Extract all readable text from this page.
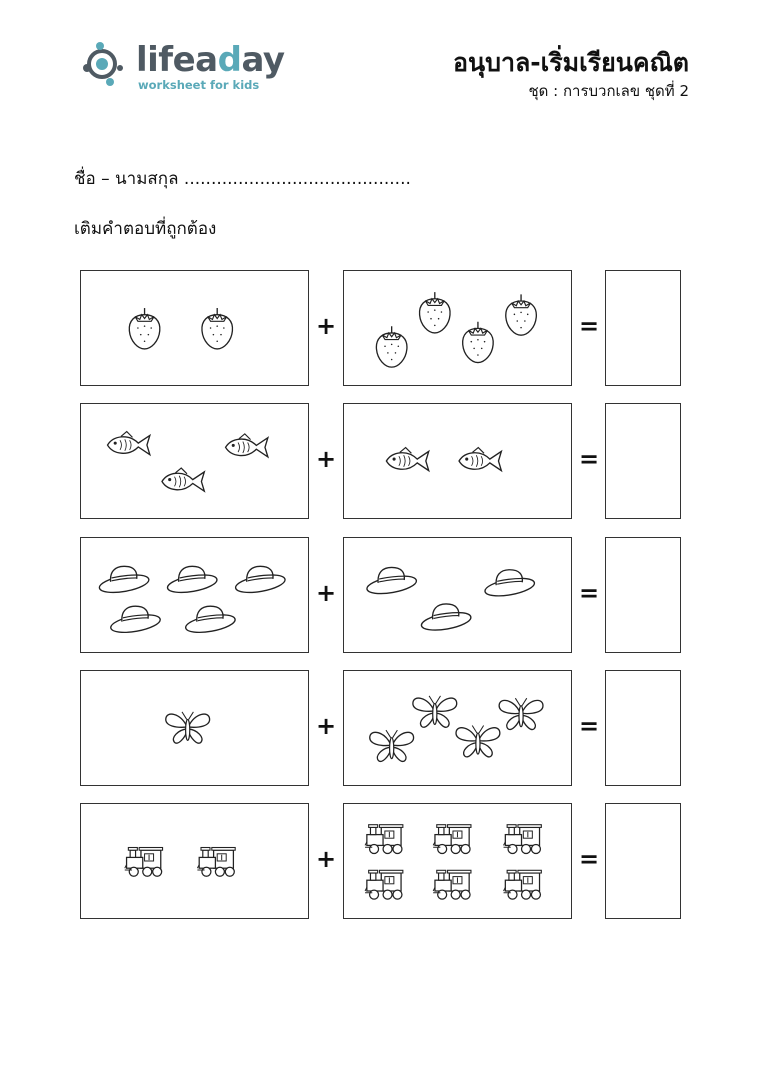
lifeaday
worksheet for kids
อนุบาล-เริ่มเรียนคณิต
ชุด : การบวกเลข ชุดที่ 2
ชื่อ – นามสกุล ..........................................
เติมคำตอบที่ถูกต้อง
+	=
+	=
+	=
+	=
+	=
